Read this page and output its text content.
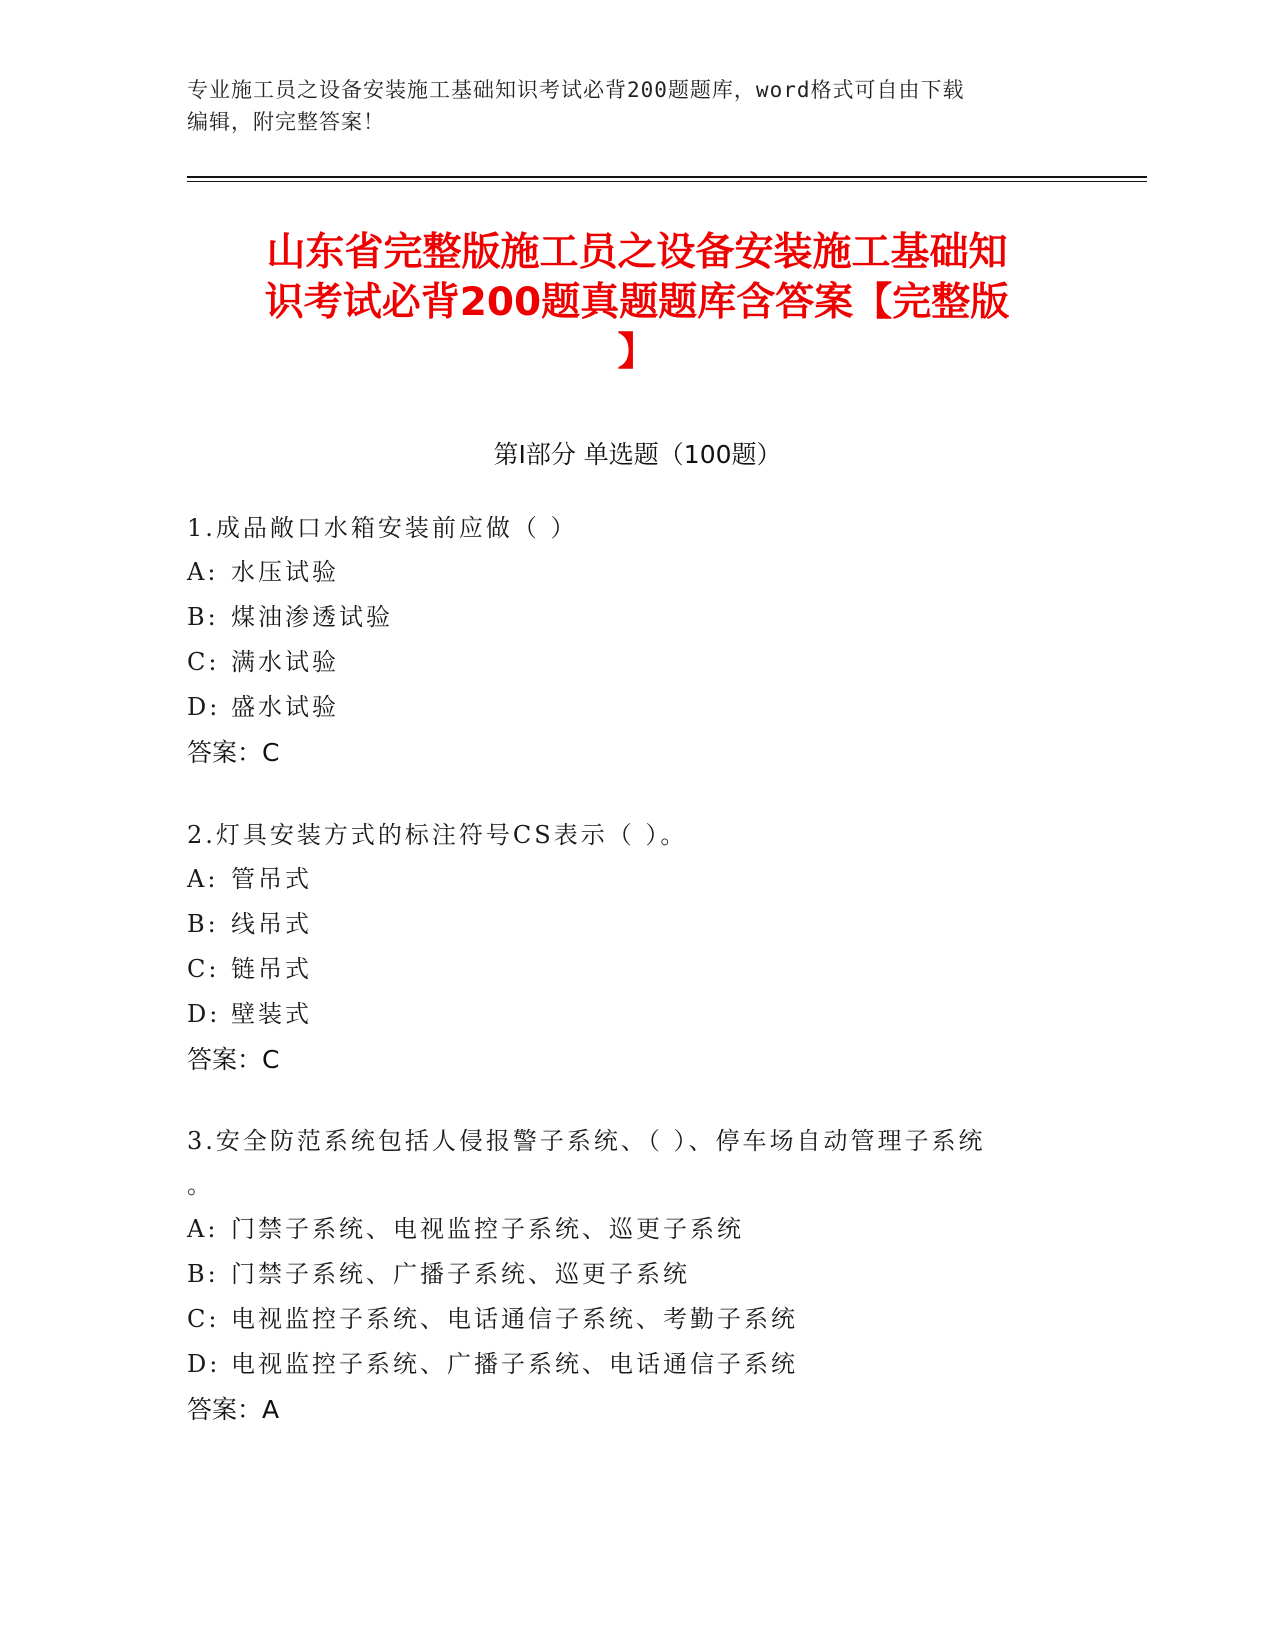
专业施工员之设备安装施工基础知识考试必背200题题库，word格式可自由下载
编辑，附完整答案！
山东省完整版施工员之设备安装施工基础知
识考试必背200题真题题库含答案【完整版
】
第Ⅰ部分 单选题（100题）

1.成品敞口水箱安装前应做（ ）

A: 水压试验

B: 煤油渗透试验

C: 满水试验

D: 盛水试验

答案：C

2.灯具安装方式的标注符号CS表示（ ）。

A: 管吊式

B: 线吊式

C: 链吊式

D: 壁装式

答案：C

3.安全防范系统包括人侵报警子系统、（ ）、停车场自动管理子系统

。

A: 门禁子系统、电视监控子系统、巡更子系统

B: 门禁子系统、广播子系统、巡更子系统

C: 电视监控子系统、电话通信子系统、考勤子系统

D: 电视监控子系统、广播子系统、电话通信子系统

答案：A
